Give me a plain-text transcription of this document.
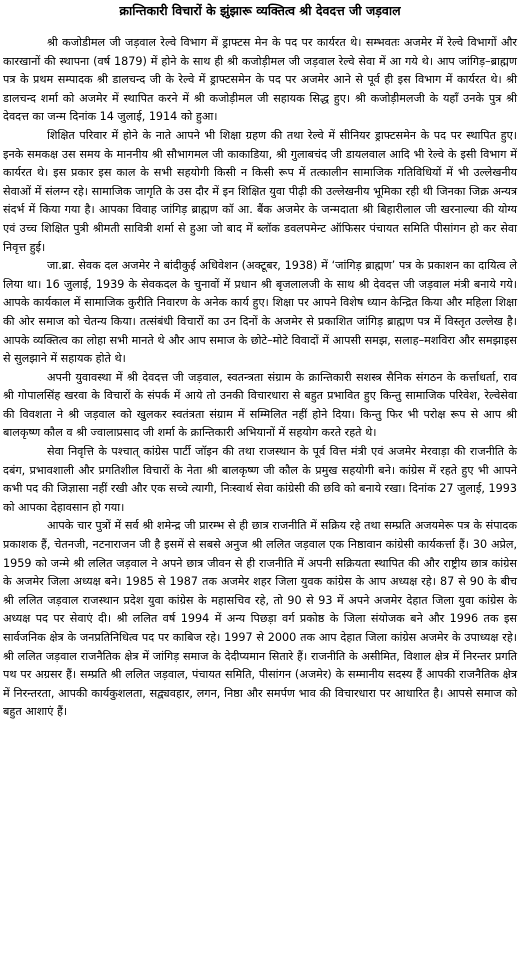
क्रान्तिकारी विचारों के झुंझारू व्यक्तित्व श्री देवदत्त जी जड़वाल

श्री कजोडीमल जी जड़वाल रेल्वे विभाग में ड्राफ्टस मेन के पद पर कार्यरत थे। सम्भवतः अजमेर में रेल्वे विभागों और कारखानों की स्थापना (वर्ष 1879) में होने के साथ ही श्री कजोड़ीमल जी जड़वाल रेल्वे सेवा में आ गये थे। आप जांगिड़–ब्राह्मण पत्र के प्रथम सम्पादक श्री डालचन्द जी के रेल्वे में ड्राफ्टसमेन के पद पर अजमेर आने से पूर्व ही इस विभाग में कार्यरत थे। श्री डालचन्द शर्मा को अजमेर में स्थापित करने में श्री कजोड़ीमल जी सहायक सिद्ध हुए। श्री कजोड़ीमलजी के यहाँ उनके पुत्र श्री देवदत्त का जन्म दिनांक 14 जुलाई, 1914 को हुआ।

शिक्षित परिवार में होने के नाते आपने भी शिक्षा ग्रहण की तथा रेल्वे में सीनियर ड्राफ्टसमेन के पद पर स्थापित हुए। इनके समकक्ष उस समय के माननीय श्री सौभागमल जी काकाडिया, श्री गुलाबचंद जी डायलवाल आदि भी रेल्वे के इसी विभाग में कार्यरत थे। इस प्रकार इस काल के सभी सहयोगी किसी न किसी रूप में तत्कालीन सामाजिक गतिविधियों में भी उल्लेखनीय सेवाओं में संलग्न रहे। सामाजिक जागृति के उस दौर में इन शिक्षित युवा पीढ़ी की उल्लेखनीय भूमिका रही थी जिनका जिक्र अन्यत्र संदर्भ में किया गया है। आपका विवाह जांगिड़ ब्राह्मण कॉ आ. बैंक अजमेर के जन्मदाता श्री बिहारीलाल जी खरनाल्या की योग्य एवं उच्च शिक्षित पुत्री श्रीमती सावित्री शर्मा से हुआ जो बाद में ब्लॉक डवलपमेन्ट ऑफिसर पंचायत समिति पीसांगन हो कर सेवा निवृत्त हुई।

जा.ब्रा. सेवक दल अजमेर ने बांदीकुई अधिवेशन (अक्टूबर, 1938) में ‘जांगिड़ ब्राह्मण’ पत्र के प्रकाशन का दायित्व ले लिया था। 16 जुलाई, 1939 के सेवकदल के चुनावों में प्रधान श्री बृजलालजी के साथ श्री देवदत्त जी जड़वाल मंत्री बनाये गये। आपके कार्यकाल में सामाजिक कुरीति निवारण के अनेक कार्य हुए। शिक्षा पर आपने विशेष ध्यान केन्द्रित किया और महिला शिक्षा की ओर समाज को चेतन्य किया। तत्संबंधी विचारों का उन दिनों के अजमेर से प्रकाशित जांगिड़ ब्राह्मण पत्र में विस्तृत उल्लेख है। आपके व्यक्तित्व का लोहा सभी मानते थे और आप समाज के छोटे–मोटे विवादों में आपसी समझ, सलाह–मशविरा और समझाइस से सुलझाने में सहायक होते थे।

अपनी युवावस्था में श्री देवदत्त जी जड़वाल, स्वतन्त्रता संग्राम के क्रान्तिकारी सशस्त्र सैनिक संगठन के कर्त्ताधर्ता, राव श्री गोपालसिंह खरवा के विचारों के संपर्क में आये तो उनकी विचारधारा से बहुत प्रभावित हुए किन्तु सामाजिक परिवेश, रेल्वेसेवा की विवशता ने श्री जड़वाल को खुलकर स्वतंत्रता संग्राम में सम्मिलित नहीं होने दिया। किन्तु फिर भी परोक्ष रूप से आप श्री बालकृष्ण कौल व श्री ज्वालाप्रसाद जी शर्मा के क्रान्तिकारी अभियानों में सहयोग करते रहते थे।

सेवा निवृत्ति के पश्चात् कांग्रेस पार्टी जॉइन की तथा राजस्थान के पूर्व वित्त मंत्री एवं अजमेर मेरवाड़ा की राजनीति के दबंग, प्रभावशाली और प्रगतिशील विचारों के नेता श्री बालकृष्ण जी कौल के प्रमुख सहयोगी बने। कांग्रेस में रहते हुए भी आपने कभी पद की जिज्ञासा नहीं रखी और एक सच्चे त्यागी, निःस्वार्थ सेवा कांग्रेसी की छवि को बनाये रखा। दिनांक 27 जुलाई, 1993 को आपका देहावसान हो गया।

आपके चार पुत्रों में सर्व श्री शमेन्द्र जी प्रारम्भ से ही छात्र राजनीति में सक्रिय रहे तथा सम्प्रति अजयमेरू पत्र के संपादक प्रकाशक हैं, चेतनजी, नटनाराजन जी है इसमें से सबसे अनुज श्री ललित जड़वाल एक निष्ठावान कांग्रेसी कार्यकर्त्ता हैं। 30 अप्रेल, 1959 को जन्मे श्री ललित जड़वाल ने अपने छात्र जीवन से ही राजनीति में अपनी सक्रियता स्थापित की और राष्ट्रीय छात्र कांग्रेस के अजमेर जिला अध्यक्ष बने। 1985 से 1987 तक अजमेर शहर जिला युवक कांग्रेस के आप अध्यक्ष रहे। 87 से 90 के बीच श्री ललित जड़वाल राजस्थान प्रदेश युवा कांग्रेस के महासचिव रहे, तो 90 से 93 में अपने अजमेर देहात जिला युवा कांग्रेस के अध्यक्ष पद पर सेवाएं दी। श्री ललित वर्ष 1994 में अन्य पिछड़ा वर्ग प्रकोष्ठ के जिला संयोजक बने और 1996 तक इस सार्वजनिक क्षेत्र के जनप्रतिनिधित्व पद पर काबिज रहे। 1997 से 2000 तक आप देहात जिला कांग्रेस अजमेर के उपाध्यक्ष रहे। श्री ललित जड़वाल राजनैतिक क्षेत्र में जांगिड़ समाज के देदीप्यमान सितारे हैं। राजनीति के असीमित, विशाल क्षेत्र में निरन्तर प्रगति पथ पर अग्रसर हैं। सम्प्रति श्री ललित जड़वाल, पंचायत समिति, पीसांगन (अजमेर) के सम्मानीय सदस्य हैं आपकी राजनैतिक क्षेत्र में निरन्तरता, आपकी कार्यकुशलता, सद्व्यवहार, लगन, निष्ठा और समर्पण भाव की विचारधारा पर आधारित है। आपसे समाज को बहुत आशाएं हैं।
